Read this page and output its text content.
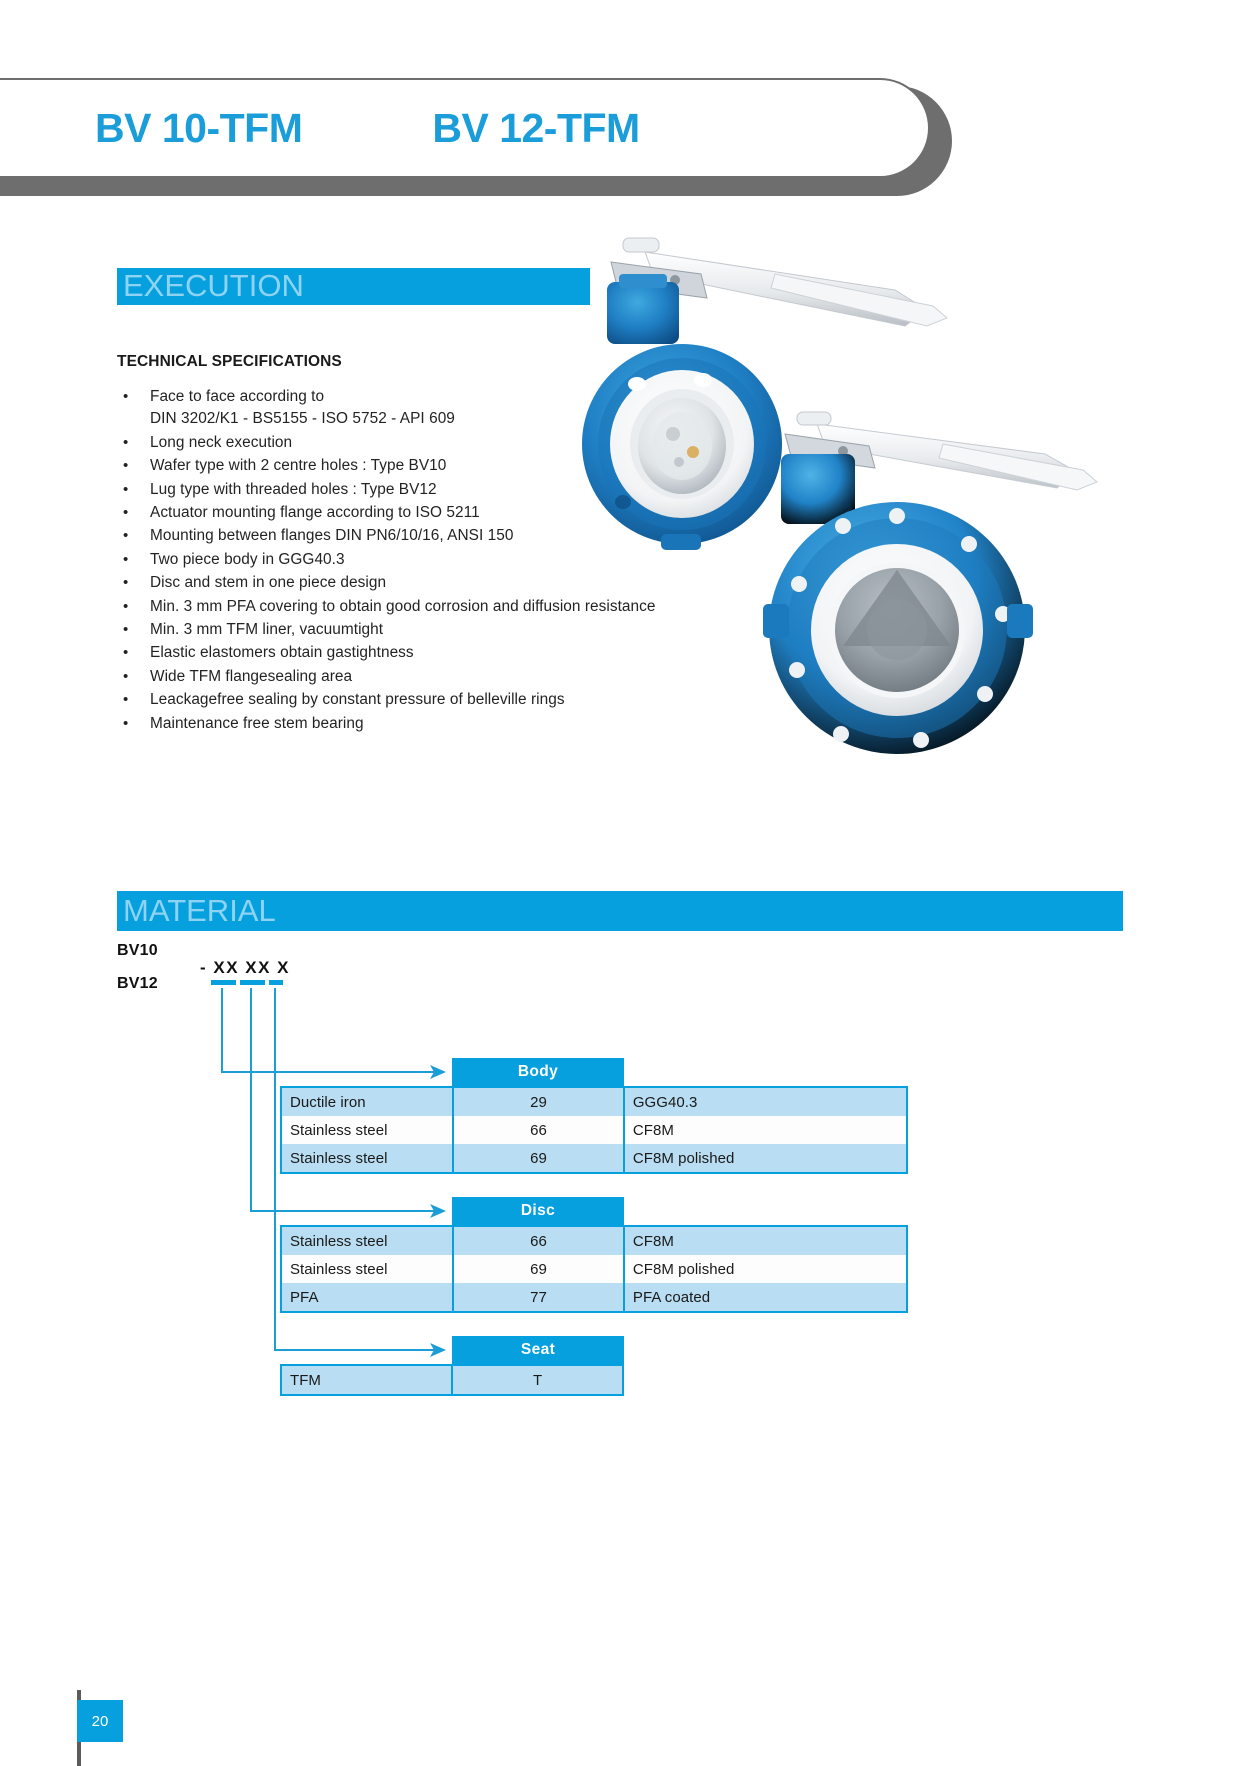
BV 10-TFM	BV 12-TFM
EXECUTION
TECHNICAL SPECIFICATIONS
• Face to face according to
DIN 3202/K1 - BS5155 - ISO 5752 - API 609
• Long neck execution
• Wafer type with 2 centre holes : Type BV10
• Lug type with threaded holes : Type BV12
• Actuator mounting flange according to ISO 5211
• Mounting between flanges DIN PN6/10/16, ANSI 150
• Two piece body in GGG40.3
• Disc and stem in one piece design
• Min. 3 mm PFA covering to obtain good corrosion and diffusion resistance
• Min. 3 mm TFM liner, vacuumtight
• Elastic elastomers obtain gastightness
• Wide TFM flangesealing area
• Leackagefree sealing by constant pressure of belleville rings
• Maintenance free stem bearing
MATERIAL
BV10
BV12
- XX XX X
Body
Ductile iron	29	GGG40.3
Stainless steel	66	CF8M
Stainless steel	69	CF8M polished
Disc
Stainless steel	66	CF8M
Stainless steel	69	CF8M polished
PFA	77	PFA coated
Seat
TFM	T
20
